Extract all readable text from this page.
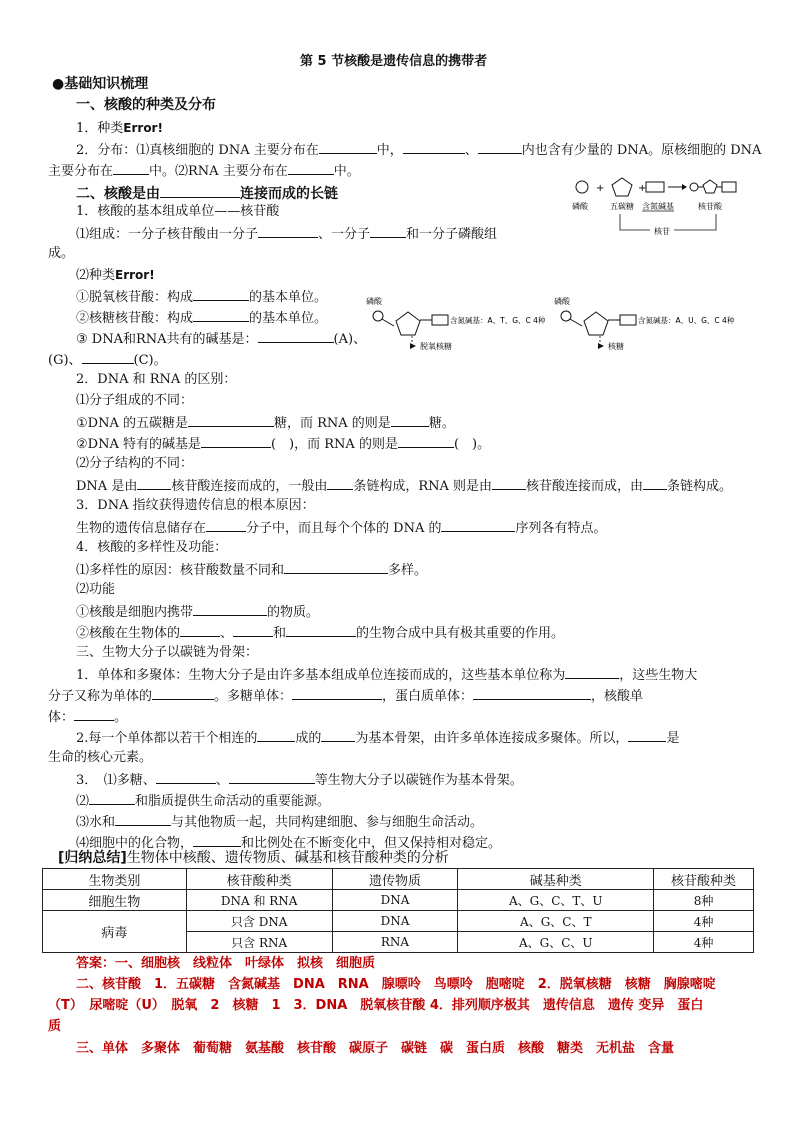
第 5 节核酸是遗传信息的携带者
●基础知识梳理
一、核酸的种类及分布
1．种类Error!
2．分布：⑴真核细胞的 DNA 主要分布在	中，	、	内也含有少量的 DNA。原核细胞的 DNA
主要分布在	中。⑵RNA 主要分布在	中。
二、核酸是由	连接而成的长链
1．核酸的基本组成单位——核苷酸
⑴组成：一分子核苷酸由一分子	、一分子	和一分子磷酸组
成。
⑵种类Error!
①脱氧核苷酸：构成	的基本单位。
②核糖核苷酸：构成	的基本单位。
③ DNA和RNA共有的碱基是：	(A)、
(G)、	(C)。
+	+
磷酸	五碳糖 含氮碱基	核苷酸
核苷
磷酸
含氮碱基：A、T、G、C 4种
脱氧核糖
磷酸
含氮碱基：A、U、G、C 4种
核糖
2．DNA 和 RNA 的区别：
⑴分子组成的不同：
①DNA 的五碳糖是	糖，而 RNA 的则是	糖。
②DNA 特有的碱基是	(　)，而 RNA 的则是	(　)。
⑵分子结构的不同：
DNA 是由	核苷酸连接而成的，一般由 条链构成，RNA 则是由	核苷酸连接而成，由 条链构成。
3．DNA 指纹获得遗传信息的根本原因：
生物的遗传信息储存在	分子中，而且每个个体的 DNA 的	序列各有特点。
4．核酸的多样性及功能：
⑴多样性的原因：核苷酸数量不同和	多样。
⑵功能
①核酸是细胞内携带	的物质。
②核酸在生物体的	、	和	的生物合成中具有极其重要的作用。
三、生物大分子以碳链为骨架：
1．单体和多聚体：生物大分子是由许多基本组成单位连接而成的，这些基本单位称为	，这些生物大
分子又称为单体的	。多糖单体：	，蛋白质单体：	，核酸单
体：	。
2.每一个单体都以若干个相连的	成的	为基本骨架，由许多单体连接成多聚体。所以，	是
生命的核心元素。
3．　⑴多糖、	、	等生物大分子以碳链作为基本骨架。
⑵	和脂质提供生命活动的重要能源。
⑶水和	与其他物质一起，共同构建细胞、参与细胞生命活动。
⑷细胞中的化合物，	和比例处在不断变化中，但又保持相对稳定。
[归纳总结]生物体中核酸、遗传物质、碱基和核苷酸种类的分析
生物类别	核苷酸种类	遗传物质	碱基种类	核苷酸种类
细胞生物	DNA 和 RNA	DNA	A、G、C、T、U	8种
病毒	只含 DNA	DNA	A、G、C、T	4种
	只含 RNA	RNA	A、G、C、U	4种
答案：一、细胞核　线粒体　叶绿体　拟核　细胞质
二、核苷酸　1．五碳糖　含氮碱基　DNA　RNA　腺嘌呤　鸟嘌呤　胞嘧啶　2．脱氧核糖　核糖　胸腺嘧啶
（T）　尿嘧啶（U）　脱氧　2　核糖　1　3．DNA　脱氧核苷酸 4．排列顺序极其　遗传信息　遗传 变异　蛋白
质
三、单体　多聚体　葡萄糖　氨基酸　核苷酸　碳原子　碳链　碳　蛋白质　核酸　糖类　无机盐　含量
